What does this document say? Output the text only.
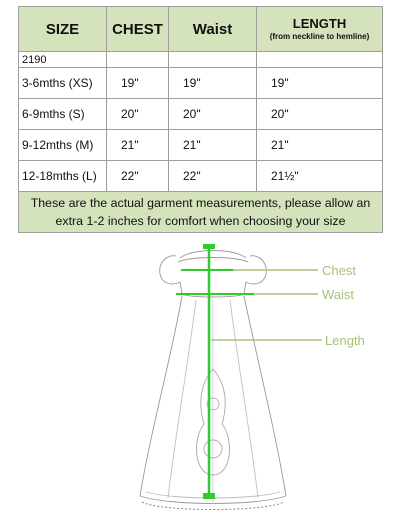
SIZE	CHEST	Waist	LENGTH
(from neckline to hemline)

2190			
3-6mths (XS)	19"	19"	19"
6-9mths (S)	20"	20"	20"
9-12mths (M)	21"	21"	21"
12-18mths (L)	22"	22"	21½"
These are the actual garment measurements, please allow an extra 1-2 inches for comfort when choosing your size			
Chest
Waist
Length
